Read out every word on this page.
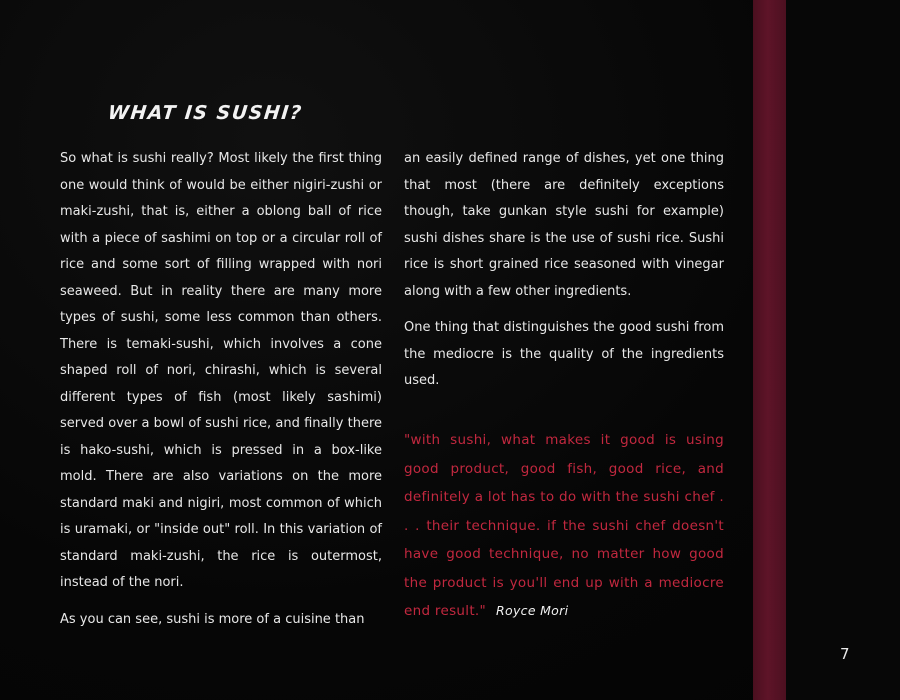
WHAT IS SUSHI?

So what is sushi really? Most likely the first thing one would think of would be either nigiri-zushi or maki-zushi, that is, either a oblong ball of rice with a piece of sashimi on top or a circular roll of rice and some sort of filling wrapped with nori seaweed. But in reality there are many more types of sushi, some less common than others. There is temaki-sushi, which involves a cone shaped roll of nori, chirashi, which is several different types of fish (most likely sashimi) served over a bowl of sushi rice, and finally there is hako-sushi, which is pressed in a box-like mold. There are also variations on the more standard maki and nigiri, most common of which is uramaki, or "inside out" roll. In this variation of standard maki-zushi, the rice is outermost, instead of the nori.

As you can see, sushi is more of a cuisine than

an easily defined range of dishes, yet one thing that most (there are definitely exceptions though, take gunkan style sushi for example) sushi dishes share is the use of sushi rice. Sushi rice is short grained rice seasoned with vinegar along with a few other ingredients.

One thing that distinguishes the good sushi from the mediocre is the quality of the ingredients used.

"with sushi, what makes it good is using good product, good fish, good rice, and definitely a lot has to do with the sushi chef . . . their technique. if the sushi chef doesn't have good technique, no matter how good the product is you'll end up with a mediocre end result." Royce Mori
7
